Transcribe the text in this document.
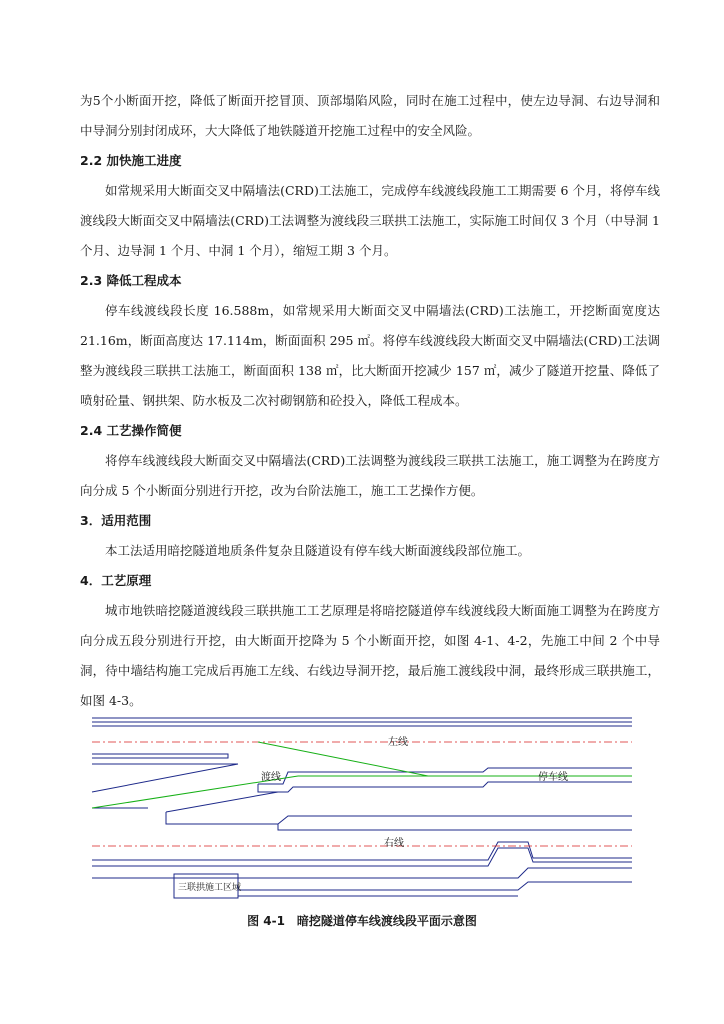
为5个小断面开挖，降低了断面开挖冒顶、顶部塌陷风险，同时在施工过程中，使左边导洞、右边导洞和中导洞分别封闭成环，大大降低了地铁隧道开挖施工过程中的安全风险。

2.2 加快施工进度

如常规采用大断面交叉中隔墙法(CRD)工法施工，完成停车线渡线段施工工期需要 6 个月，将停车线渡线段大断面交叉中隔墙法(CRD)工法调整为渡线段三联拱工法施工，实际施工时间仅 3 个月（中导洞 1 个月、边导洞 1 个月、中洞 1 个月），缩短工期 3 个月。

2.3 降低工程成本

停车线渡线段长度 16.588m，如常规采用大断面交叉中隔墙法(CRD)工法施工，开挖断面宽度达 21.16m，断面高度达 17.114m，断面面积 295 ㎡。将停车线渡线段大断面交叉中隔墙法(CRD)工法调整为渡线段三联拱工法施工，断面面积 138 ㎡，比大断面开挖减少 157 ㎡，减少了隧道开挖量、降低了喷射砼量、钢拱架、防水板及二次衬砌钢筋和砼投入，降低工程成本。

2.4 工艺操作简便

将停车线渡线段大断面交叉中隔墙法(CRD)工法调整为渡线段三联拱工法施工，施工调整为在跨度方向分成 5 个小断面分别进行开挖，改为台阶法施工，施工工艺操作方便。

3．适用范围

本工法适用暗挖隧道地质条件复杂且隧道设有停车线大断面渡线段部位施工。

4．工艺原理

城市地铁暗挖隧道渡线段三联拱施工工艺原理是将暗挖隧道停车线渡线段大断面施工调整为在跨度方向分成五段分别进行开挖，由大断面开挖降为 5 个小断面开挖，如图 4-1、4-2，先施工中间 2 个中导洞，待中墙结构施工完成后再施工左线、右线边导洞开挖，最后施工渡线段中洞，最终形成三联拱施工，如图 4-3。

左线
渡线	停车线
右线
三联拱施工区域
图 4-1 暗挖隧道停车线渡线段平面示意图
